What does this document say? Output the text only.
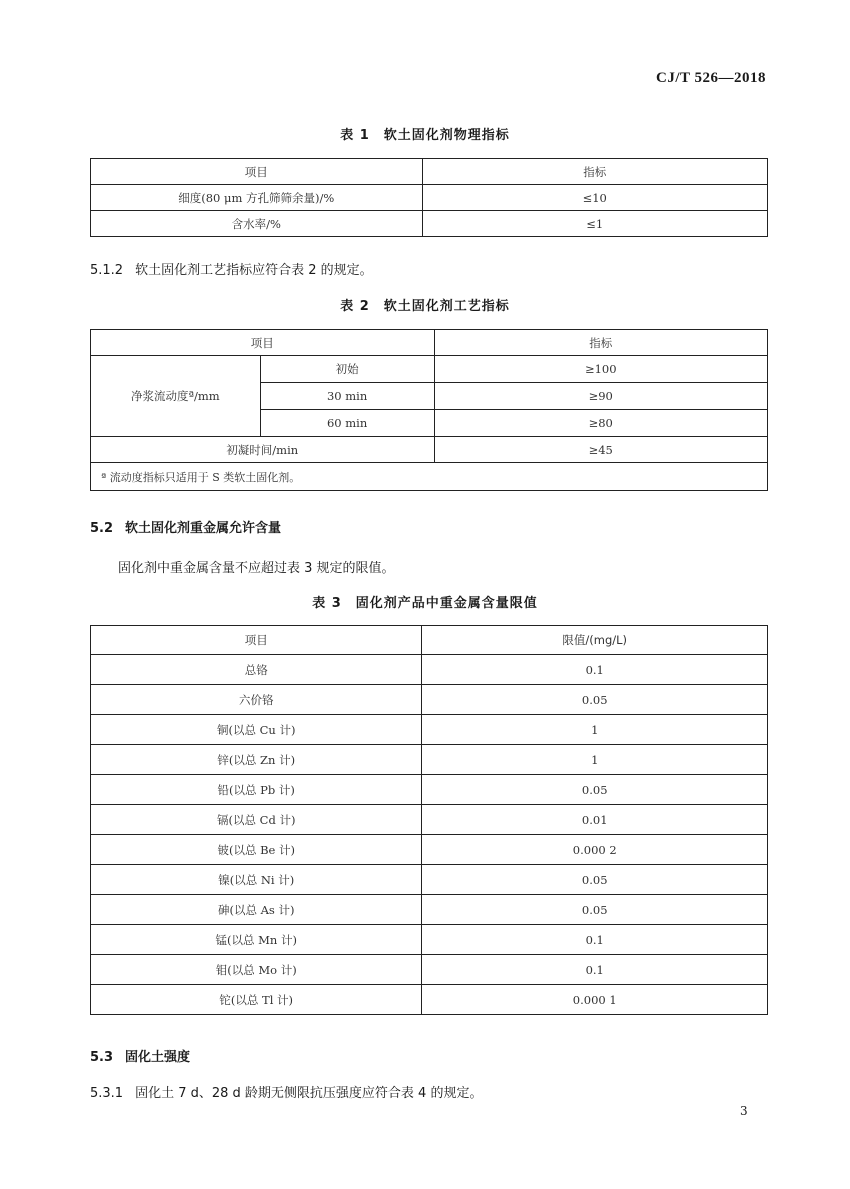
CJ/T 526—2018
表 1　软土固化剂物理指标
项目	指标
细度(80 μm 方孔筛筛余量)/%	≤10
含水率/%	≤1
5.1.2 软土固化剂工艺指标应符合表 2 的规定。
表 2　软土固化剂工艺指标
项目		指标
净浆流动度ª/mm	初始	≥100
	30 min	≥90
	60 min	≥80
初凝时间/min		≥45
ª 流动度指标只适用于 S 类软土固化剂。		
5.2 软土固化剂重金属允许含量
固化剂中重金属含量不应超过表 3 规定的限值。
表 3　固化剂产品中重金属含量限值
项目	限值/(mg/L)
总铬	0.1
六价铬	0.05
铜(以总 Cu 计)	1
锌(以总 Zn 计)	1
铅(以总 Pb 计)	0.05
镉(以总 Cd 计)	0.01
铍(以总 Be 计)	0.000 2
镍(以总 Ni 计)	0.05
砷(以总 As 计)	0.05
锰(以总 Mn 计)	0.1
钼(以总 Mo 计)	0.1
铊(以总 Tl 计)	0.000 1
5.3 固化土强度
5.3.1 固化土 7 d、28 d 龄期无侧限抗压强度应符合表 4 的规定。
3
